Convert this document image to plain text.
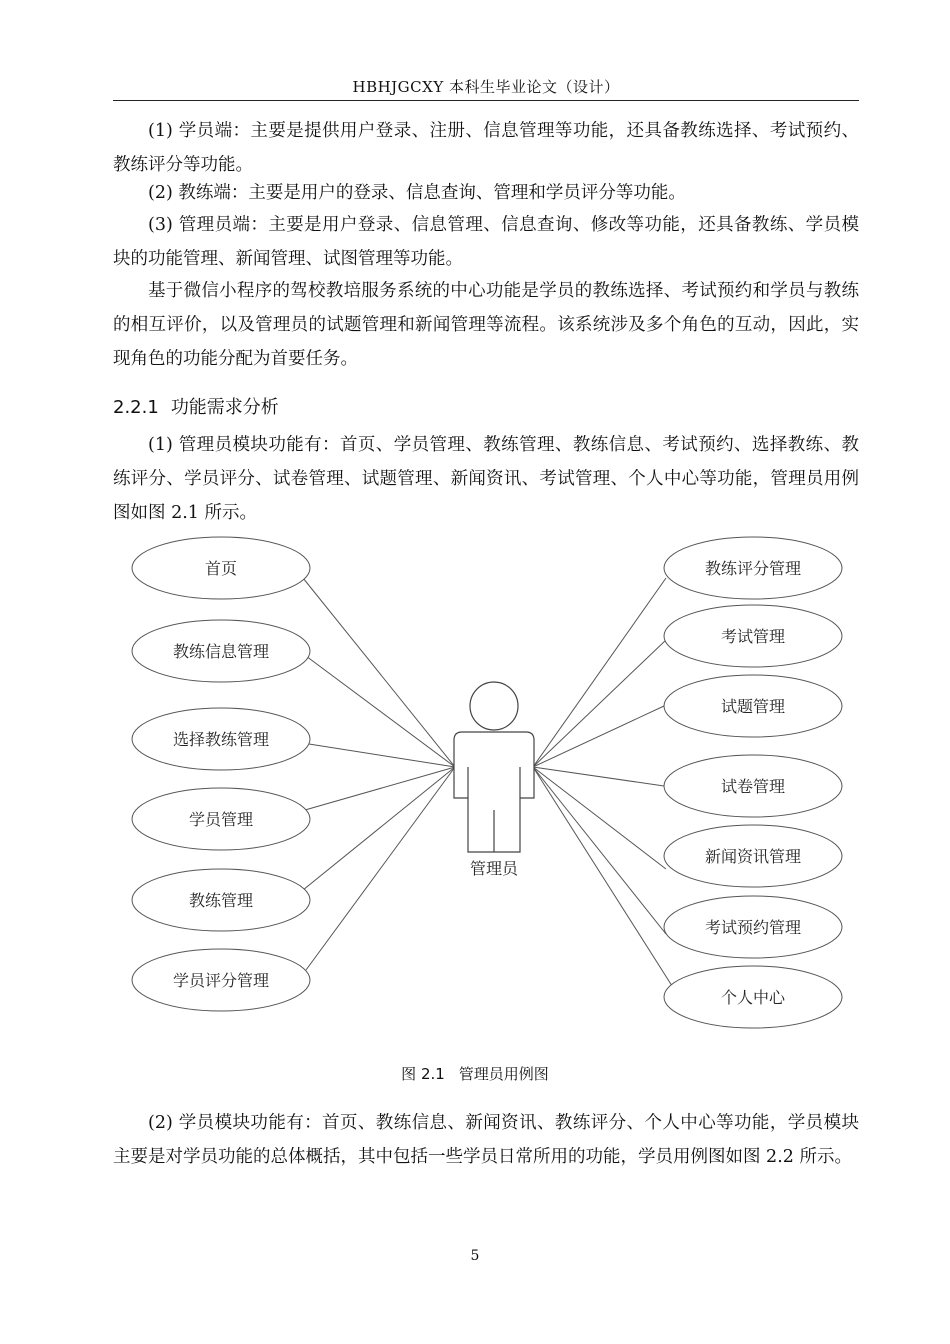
HBHJGCXY 本科生毕业论文（设计）

(1) 学员端：主要是提供用户登录、注册、信息管理等功能，还具备教练选择、考试预约、教练评分等功能。

(2) 教练端：主要是用户的登录、信息查询、管理和学员评分等功能。

(3) 管理员端：主要是用户登录、信息管理、信息查询、修改等功能，还具备教练、学员模块的功能管理、新闻管理、试图管理等功能。

基于微信小程序的驾校教培服务系统的中心功能是学员的教练选择、考试预约和学员与教练的相互评价，以及管理员的试题管理和新闻管理等流程。该系统涉及多个角色的互动，因此，实现角色的功能分配为首要任务。

2.2.1 功能需求分析

(1) 管理员模块功能有：首页、学员管理、教练管理、教练信息、考试预约、选择教练、教练评分、学员评分、试卷管理、试题管理、新闻资讯、考试管理、个人中心等功能，管理员用例图如图 2.1 所示。

首页
教练信息管理
选择教练管理
学员管理
教练管理
学员评分管理
教练评分管理
考试管理
试题管理
试卷管理
新闻资讯管理
考试预约管理
个人中心
管理员
图 2.1 管理员用例图

(2) 学员模块功能有：首页、教练信息、新闻资讯、教练评分、个人中心等功能，学员模块主要是对学员功能的总体概括，其中包括一些学员日常所用的功能，学员用例图如图 2.2 所示。

5
